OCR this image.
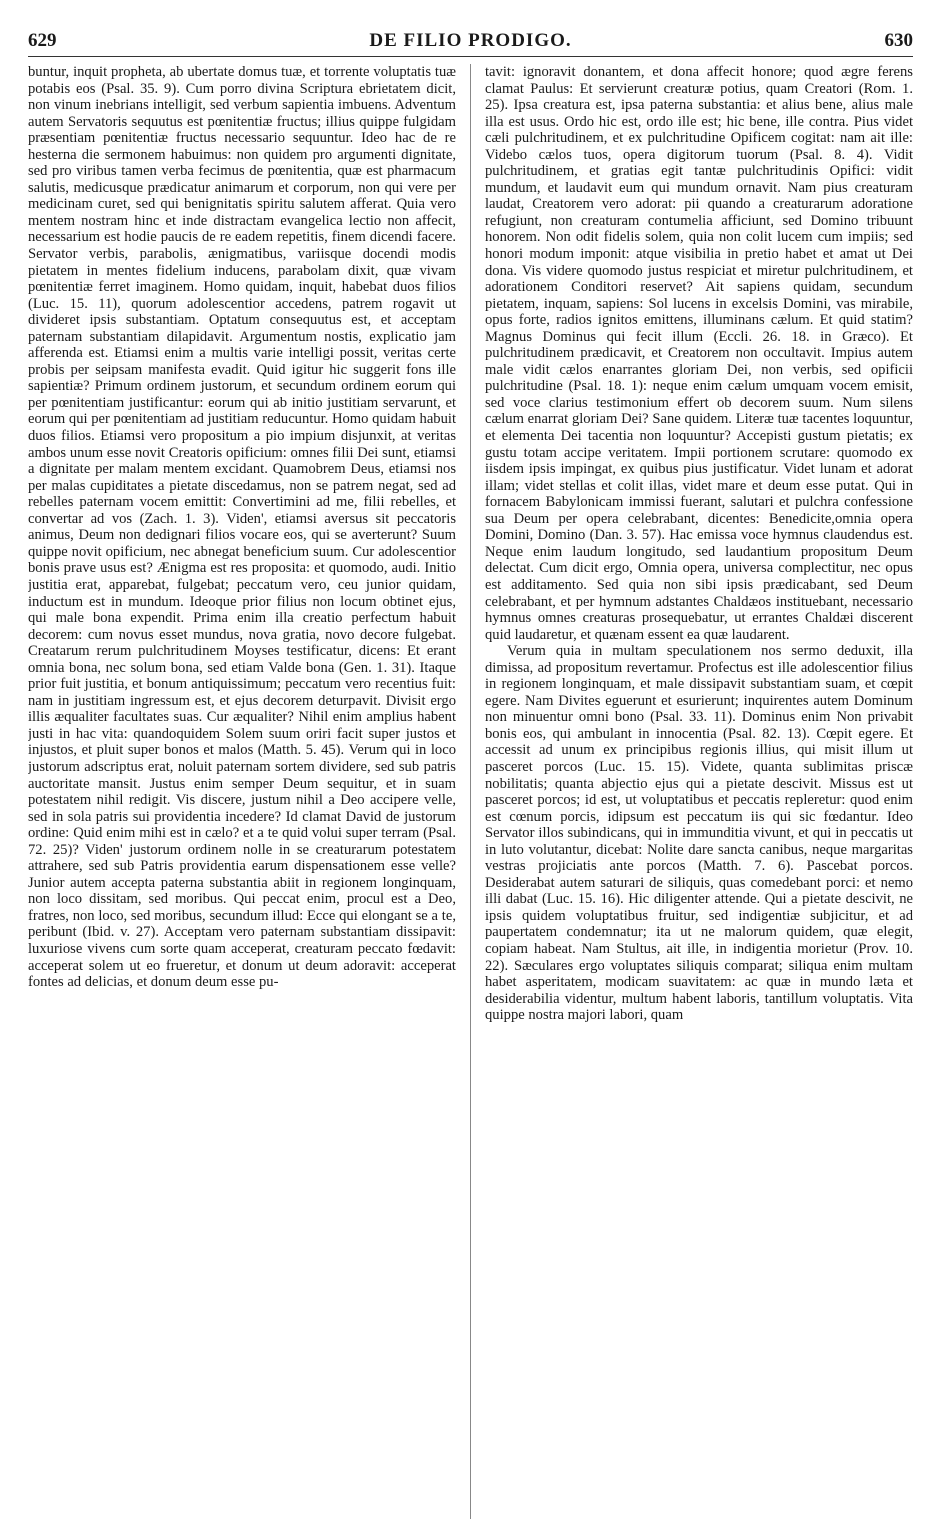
629	DE FILIO PRODIGO.	630

buntur, inquit propheta, ab ubertate domus tuæ, et torrente voluptatis tuæ potabis eos (Psal. 35. 9). Cum porro divina Scriptura ebrietatem dicit, non vinum inebrians intelligit, sed verbum sapientia imbuens. Adventum autem Servatoris sequutus est pœnitentiæ fructus; illius quippe fulgidam præsentiam pœnitentiæ fructus necessario sequuntur. Ideo hac de re hesterna die sermonem habuimus: non quidem pro argumenti dignitate, sed pro viribus tamen verba fecimus de pœnitentia, quæ est pharmacum salutis, medicusque prædicatur animarum et corporum, non qui vere per medicinam curet, sed qui benignitatis spiritu salutem afferat. Quia vero mentem nostram hinc et inde distractam evangelica lectio non affecit, necessarium est hodie paucis de re eadem repetitis, finem dicendi facere. Servator verbis, parabolis, ænigmatibus, variisque docendi modis pietatem in mentes fidelium inducens, parabolam dixit, quæ vivam pœnitentiæ ferret imaginem. Homo quidam, inquit, habebat duos filios (Luc. 15. 11), quorum adolescentior accedens, patrem rogavit ut divideret ipsis substantiam. Optatum consequutus est, et acceptam paternam substantiam dilapidavit. Argumentum nostis, explicatio jam afferenda est. Etiamsi enim a multis varie intelligi possit, veritas certe probis per seipsam manifesta evadit. Quid igitur hic suggerit fons ille sapientiæ? Primum ordinem justorum, et secundum ordinem eorum qui per pœnitentiam justificantur: eorum qui ab initio justitiam servarunt, et eorum qui per pœnitentiam ad justitiam reducuntur. Homo quidam habuit duos filios. Etiamsi vero propositum a pio impium disjunxit, at veritas ambos unum esse novit Creatoris opificium: omnes filii Dei sunt, etiamsi a dignitate per malam mentem excidant. Quamobrem Deus, etiamsi nos per malas cupiditates a pietate discedamus, non se patrem negat, sed ad rebelles paternam vocem emittit: Convertimini ad me, filii rebelles, et convertar ad vos (Zach. 1. 3). Viden', etiamsi aversus sit peccatoris animus, Deum non dedignari filios vocare eos, qui se averterunt? Suum quippe novit opificium, nec abnegat beneficium suum. Cur adolescentior bonis prave usus est? Ænigma est res proposita: et quomodo, audi. Initio justitia erat, apparebat, fulgebat; peccatum vero, ceu junior quidam, inductum est in mundum. Ideoque prior filius non locum obtinet ejus, qui male bona expendit. Prima enim illa creatio perfectum habuit decorem: cum novus esset mundus, nova gratia, novo decore fulgebat. Creatarum rerum pulchritudinem Moyses testificatur, dicens: Et erant omnia bona, nec solum bona, sed etiam Valde bona (Gen. 1. 31). Itaque prior fuit justitia, et bonum antiquissimum; peccatum vero recentius fuit: nam in justitiam ingressum est, et ejus decorem deturpavit. Divisit ergo illis æqualiter facultates suas. Cur æqualiter? Nihil enim amplius habent justi in hac vita: quandoquidem Solem suum oriri facit super justos et injustos, et pluit super bonos et malos (Matth. 5. 45). Verum qui in loco justorum adscriptus erat, noluit paternam sortem dividere, sed sub patris auctoritate mansit. Justus enim semper Deum sequitur, et in suam potestatem nihil redigit. Vis discere, justum nihil a Deo accipere velle, sed in sola patris sui providentia incedere? Id clamat David de justorum ordine: Quid enim mihi est in cælo? et a te quid volui super terram (Psal. 72. 25)? Viden' justorum ordinem nolle in se creaturarum potestatem attrahere, sed sub Patris providentia earum dispensationem esse velle? Junior autem accepta paterna substantia abiit in regionem longinquam, non loco dissitam, sed moribus. Qui peccat enim, procul est a Deo, fratres, non loco, sed moribus, secundum illud: Ecce qui elongant se a te, peribunt (Ibid. v. 27). Acceptam vero paternam substantiam dissipavit: luxuriose vivens cum sorte quam acceperat, creaturam peccato fœdavit: acceperat solem ut eo frueretur, et donum ut deum adoravit: acceperat fontes ad delicias, et donum deum esse pu-

tavit: ignoravit donantem, et dona affecit honore; quod ægre ferens clamat Paulus: Et servierunt creaturæ potius, quam Creatori (Rom. 1. 25). Ipsa creatura est, ipsa paterna substantia: et alius bene, alius male illa est usus. Ordo hic est, ordo ille est; hic bene, ille contra. Pius videt cæli pulchritudinem, et ex pulchritudine Opificem cogitat: nam ait ille: Videbo cælos tuos, opera digitorum tuorum (Psal. 8. 4). Vidit pulchritudinem, et gratias egit tantæ pulchritudinis Opifici: vidit mundum, et laudavit eum qui mundum ornavit. Nam pius creaturam laudat, Creatorem vero adorat: pii quando a creaturarum adoratione refugiunt, non creaturam contumelia afficiunt, sed Domino tribuunt honorem. Non odit fidelis solem, quia non colit lucem cum impiis; sed honori modum imponit: atque visibilia in pretio habet et amat ut Dei dona. Vis videre quomodo justus respiciat et miretur pulchritudinem, et adorationem Conditori reservet? Ait sapiens quidam, secundum pietatem, inquam, sapiens: Sol lucens in excelsis Domini, vas mirabile, opus forte, radios ignitos emittens, illuminans cælum. Et quid statim? Magnus Dominus qui fecit illum (Eccli. 26. 18. in Græco). Et pulchritudinem prædicavit, et Creatorem non occultavit. Impius autem male vidit cælos enarrantes gloriam Dei, non verbis, sed opificii pulchritudine (Psal. 18. 1): neque enim cælum umquam vocem emisit, sed voce clarius testimonium effert ob decorem suum. Num silens cælum enarrat gloriam Dei? Sane quidem. Literæ tuæ tacentes loquuntur, et elementa Dei tacentia non loquuntur? Accepisti gustum pietatis; ex gustu totam accipe veritatem. Impii portionem scrutare: quomodo ex iisdem ipsis impingat, ex quibus pius justificatur. Videt lunam et adorat illam; videt stellas et colit illas, videt mare et deum esse putat. Qui in fornacem Babylonicam immissi fuerant, salutari et pulchra confessione sua Deum per opera celebrabant, dicentes: Benedicite,omnia opera Domini, Domino (Dan. 3. 57). Hac emissa voce hymnus claudendus est. Neque enim laudum longitudo, sed laudantium propositum Deum delectat. Cum dicit ergo, Omnia opera, universa complectitur, nec opus est additamento. Sed quia non sibi ipsis prædicabant, sed Deum celebrabant, et per hymnum adstantes Chaldæos instituebant, necessario hymnus omnes creaturas prosequebatur, ut errantes Chaldæi discerent quid laudaretur, et quænam essent ea quæ laudarent.

Verum quia in multam speculationem nos sermo deduxit, illa dimissa, ad propositum revertamur. Profectus est ille adolescentior filius in regionem longinquam, et male dissipavit substantiam suam, et cœpit egere. Nam Divites eguerunt et esurierunt; inquirentes autem Dominum non minuentur omni bono (Psal. 33. 11). Dominus enim Non privabit bonis eos, qui ambulant in innocentia (Psal. 82. 13). Cœpit egere. Et accessit ad unum ex principibus regionis illius, qui misit illum ut pasceret porcos (Luc. 15. 15). Videte, quanta sublimitas priscæ nobilitatis; quanta abjectio ejus qui a pietate descivit. Missus est ut pasceret porcos; id est, ut voluptatibus et peccatis repleretur: quod enim est cœnum porcis, idipsum est peccatum iis qui sic fœdantur. Ideo Servator illos subindicans, qui in immunditia vivunt, et qui in peccatis ut in luto volutantur, dicebat: Nolite dare sancta canibus, neque margaritas vestras projiciatis ante porcos (Matth. 7. 6). Pascebat porcos. Desiderabat autem saturari de siliquis, quas comedebant porci: et nemo illi dabat (Luc. 15. 16). Hic diligenter attende. Qui a pietate descivit, ne ipsis quidem voluptatibus fruitur, sed indigentiæ subjicitur, et ad paupertatem condemnatur; ita ut ne malorum quidem, quæ elegit, copiam habeat. Nam Stultus, ait ille, in indigentia morietur (Prov. 10. 22). Sæculares ergo voluptates siliquis comparat; siliqua enim multam habet asperitatem, modicam suavitatem: ac quæ in mundo læta et desiderabilia videntur, multum habent laboris, tantillum voluptatis. Vita quippe nostra majori labori, quam
